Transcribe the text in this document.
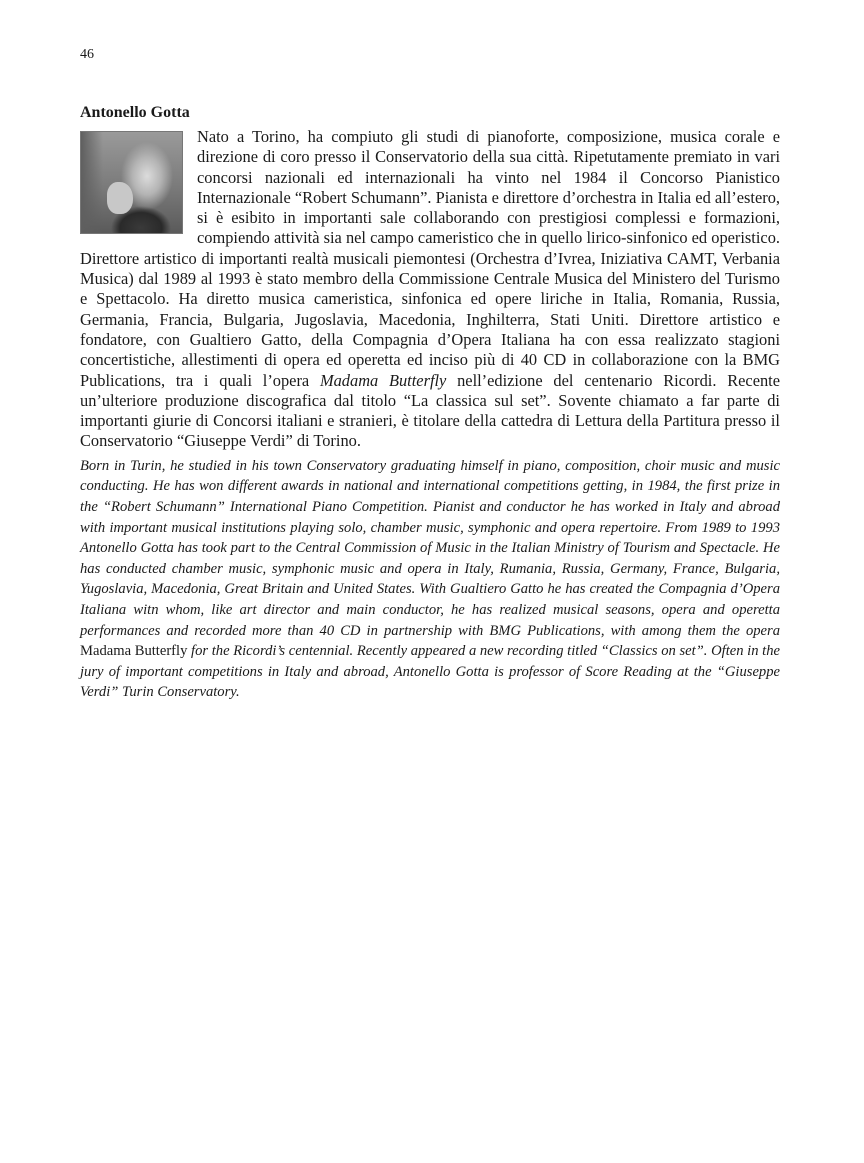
46
Antonello Gotta

Nato a Torino, ha compiuto gli studi di pianoforte, composizione, musica corale e direzione di coro presso il Conservatorio della sua città. Ripetutamente premiato in vari concorsi nazionali ed internazionali ha vinto nel 1984 il Concorso Pianistico Internazionale “Robert Schumann”. Pianista e direttore d’orchestra in Italia ed all’estero, si è esibito in importanti sale collaborando con prestigiosi complessi e formazioni, compiendo attività sia nel campo cameristico che in quello lirico-sinfonico ed operistico. Direttore artistico di importanti realtà musicali piemontesi (Orchestra d’Ivrea, Iniziativa CAMT, Verbania Musica) dal 1989 al 1993 è stato membro della Commissione Centrale Musica del Ministero del Turismo e Spettacolo. Ha diretto musica cameristica, sinfonica ed opere liriche in Italia, Romania, Russia, Germania, Francia, Bulgaria, Jugoslavia, Macedonia, Inghilterra, Stati Uniti. Direttore artistico e fondatore, con Gualtiero Gatto, della Compagnia d’Opera Italiana ha con essa realizzato stagioni concertistiche, allestimenti di opera ed operetta ed inciso più di 40 CD in collaborazione con la BMG Publications, tra i quali l’opera Madama Butterfly nell’edizione del centenario Ricordi. Recente un’ulteriore produzione discografica dal titolo “La classica sul set”. Sovente chiamato a far parte di importanti giurie di Concorsi italiani e stranieri, è titolare della cattedra di Lettura della Partitura presso il Conservatorio “Giuseppe Verdi” di Torino.

Born in Turin, he studied in his town Conservatory graduating himself in piano, composition, choir music and music conducting. He has won different awards in national and international competitions getting, in 1984, the first prize in the “Robert Schumann” International Piano Competition. Pianist and conductor he has worked in Italy and abroad with important musical institutions playing solo, chamber music, symphonic and opera repertoire. From 1989 to 1993 Antonello Gotta has took part to the Central Commission of Music in the Italian Ministry of Tourism and Spectacle. He has conducted chamber music, symphonic music and opera in Italy, Rumania, Russia, Germany, France, Bulgaria, Yugoslavia, Macedonia, Great Britain and United States. With Gualtiero Gatto he has created the Compagnia d’Opera Italiana witn whom, like art director and main conductor, he has realized musical seasons, opera and operetta performances and recorded more than 40 CD in partnership with BMG Publications, with among them the opera Madama Butterfly for the Ricordi’s centennial. Recently appeared a new recording titled “Classics on set”. Often in the jury of important competitions in Italy and abroad, Antonello Gotta is professor of Score Reading at the “Giuseppe Verdi” Turin Conservatory.
